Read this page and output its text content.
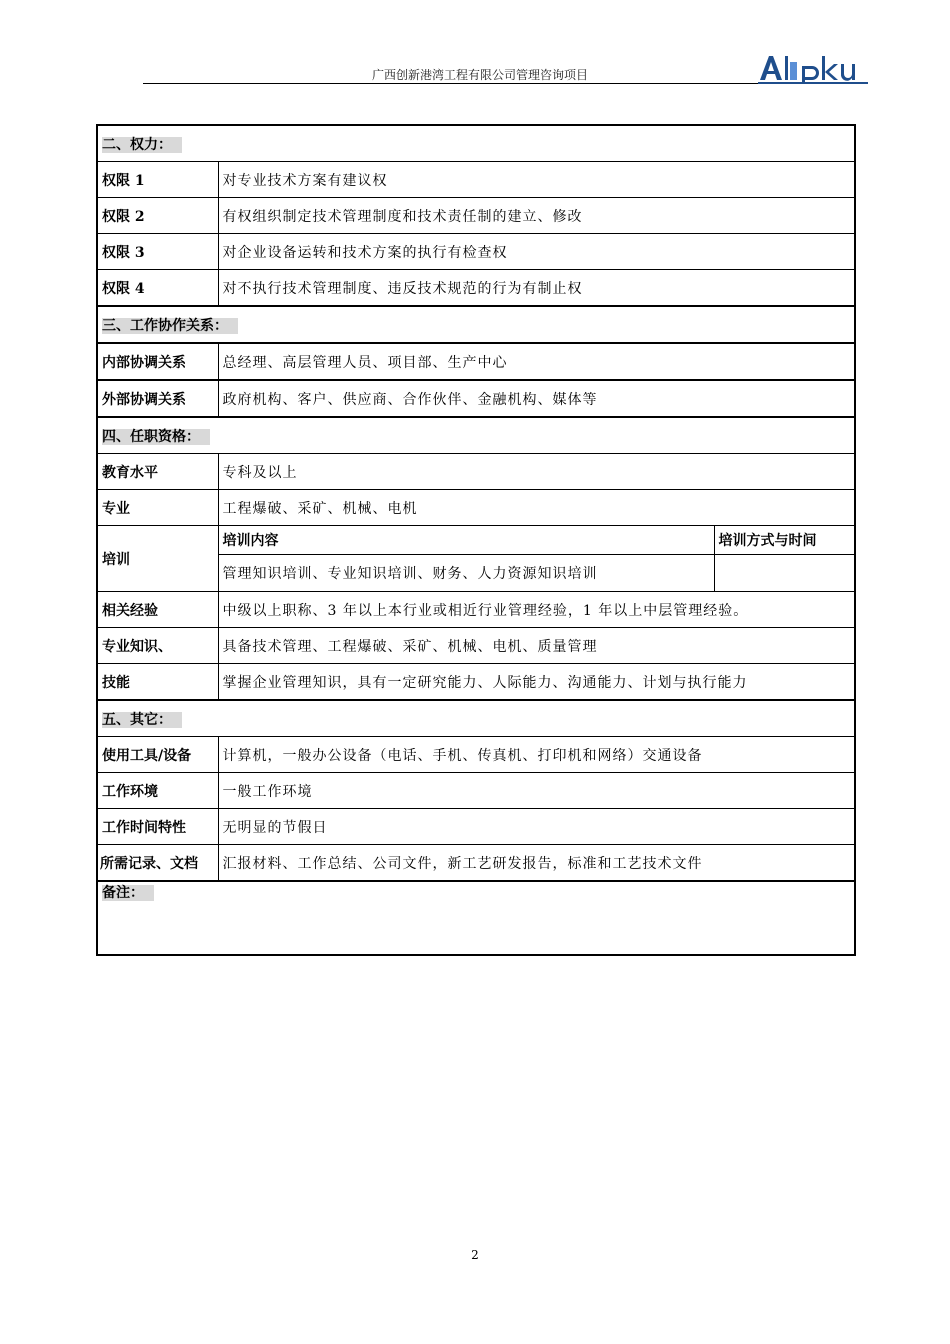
广西创新港湾工程有限公司管理咨询项目
二、权力：		
权限 1	对专业技术方案有建议权	
权限 2	有权组织制定技术管理制度和技术责任制的建立、修改	
权限 3	对企业设备运转和技术方案的执行有检查权	
权限 4	对不执行技术管理制度、违反技术规范的行为有制止权	
三、工作协作关系：		
内部协调关系	总经理、高层管理人员、项目部、生产中心	
外部协调关系	政府机构、客户、供应商、合作伙伴、金融机构、媒体等	
四、任职资格：		
教育水平	专科及以上	
专业	工程爆破、采矿、机械、电机	
培训	培训内容	培训方式与时间
	管理知识培训、专业知识培训、财务、人力资源知识培训	
相关经验	中级以上职称、3 年以上本行业或相近行业管理经验，1 年以上中层管理经验。	
专业知识、	具备技术管理、工程爆破、采矿、机械、电机、质量管理	
技能	掌握企业管理知识，具有一定研究能力、人际能力、沟通能力、计划与执行能力	
五、其它：		
使用工具/设备	计算机，一般办公设备（电话、手机、传真机、打印机和网络）交通设备	
工作环境	一般工作环境	
工作时间特性	无明显的节假日	
所需记录、文档	汇报材料、工作总结、公司文件，新工艺研发报告，标准和工艺技术文件	
备注：		
2
